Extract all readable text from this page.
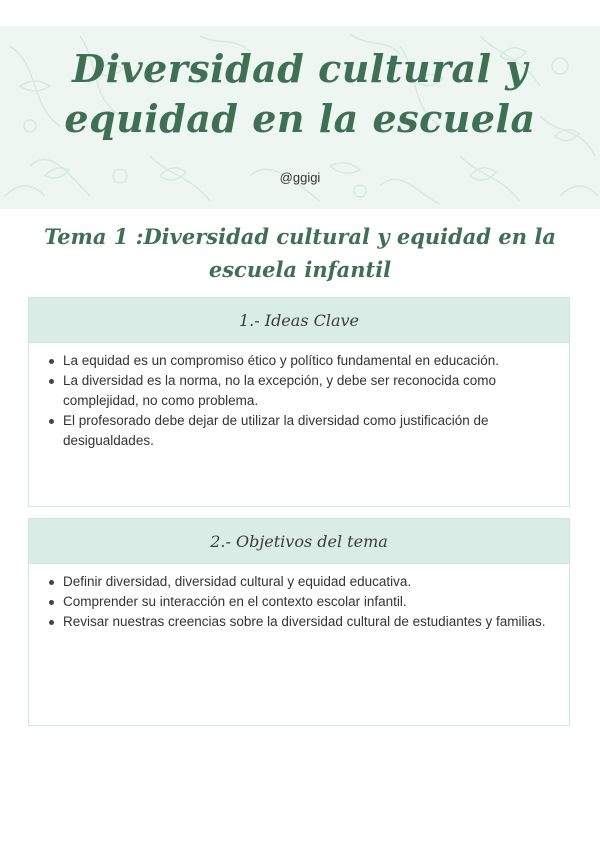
Diversidad cultural y
equidad en la escuela
@ggigi
Tema 1 :Diversidad cultural y equidad en la escuela infantil
1.- Ideas Clave
La equidad es un compromiso ético y político fundamental en educación.
La diversidad es la norma, no la excepción, y debe ser reconocida como complejidad, no como problema.
El profesorado debe dejar de utilizar la diversidad como justificación de desigualdades.
2.- Objetivos del tema
Definir diversidad, diversidad cultural y equidad educativa.
Comprender su interacción en el contexto escolar infantil.
Revisar nuestras creencias sobre la diversidad cultural de estudiantes y familias.
